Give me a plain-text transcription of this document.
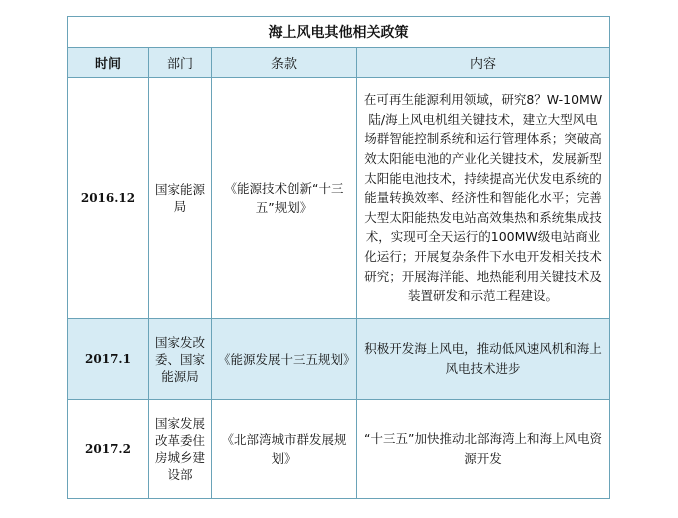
海上风电其他相关政策			
时间	部门	条款	内容
2016.12	国家能源局	《能源技术创新“十三五”规划》	在可再生能源利用领域，研究8？W-10MW陆/海上风电机组关键技术，建立大型风电场群智能控制系统和运行管理体系；突破高效太阳能电池的产业化关键技术，发展新型太阳能电池技术，持续提高光伏发电系统的能量转换效率、经济性和智能化水平；完善大型太阳能热发电站高效集热和系统集成技术，实现可全天运行的100MW级电站商业化运行；开展复杂条件下水电开发相关技术研究；开展海洋能、地热能利用关键技术及装置研发和示范工程建设。
2017.1	国家发改委、国家能源局	《能源发展十三五规划》	积极开发海上风电，推动低风速风机和海上风电技术进步
2017.2	国家发展改革委住房城乡建设部	《北部湾城市群发展规划》	“十三五”加快推动北部海湾上和海上风电资源开发
